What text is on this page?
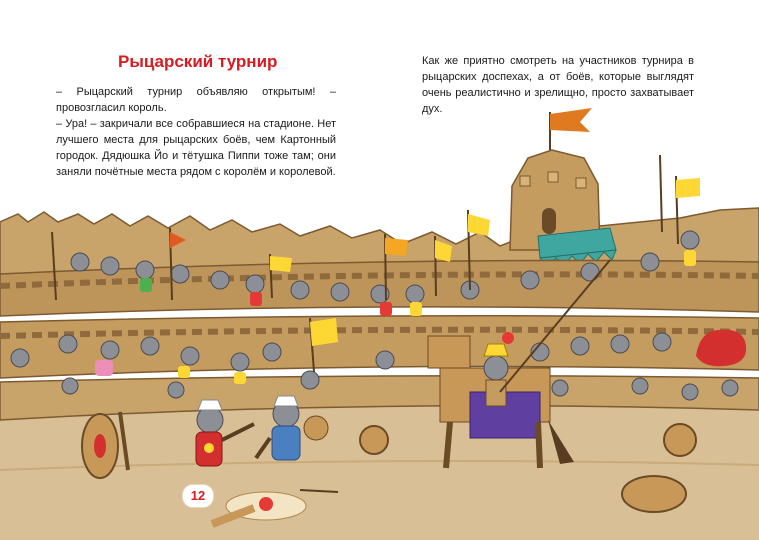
Рыцарский турнир

– Рыцарский турнир объявляю открытым! – провозгласил король.

– Ура! – закричали все собравшиеся на стадионе. Нет лучшего места для рыцарских боёв, чем Картонный городок. Дядюшка Йо и тётушка Пиппи тоже там; они заняли почётные места рядом с королём и королевой.

Как же приятно смотреть на участников турнира в рыцарских доспехах, а от боёв, которые выглядят очень реалистично и зрелищно, просто захватывает дух.

12
